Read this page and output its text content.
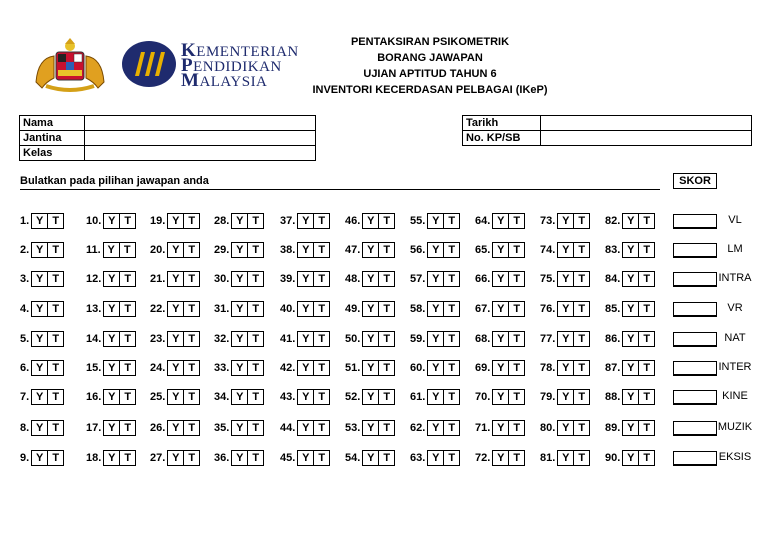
KEMENTERIAN
PENDIDIKAN
MALAYSIA
PENTAKSIRAN PSIKOMETRIK
BORANG JAWAPAN
UJIAN APTITUD TAHUN 6
INVENTORI KECERDASAN PELBAGAI (IKeP)
Nama	
Jantina	
Kelas	
Tarikh	
No. KP/SB	
Bulatkan pada pilihan jawapan anda	SKOR
1. Y T	10. Y T	19. Y T	28. Y T	37. Y T	46. Y T	55. Y T	64. Y T	73. Y T	82. Y T	VL
2. Y T	11. Y T	20. Y T	29. Y T	38. Y T	47. Y T	56. Y T	65. Y T	74. Y T	83. Y T	LM
3. Y T	12. Y T	21. Y T	30. Y T	39. Y T	48. Y T	57. Y T	66. Y T	75. Y T	84. Y T	INTRA
4. Y T	13. Y T	22. Y T	31. Y T	40. Y T	49. Y T	58. Y T	67. Y T	76. Y T	85. Y T	VR
5. Y T	14. Y T	23. Y T	32. Y T	41. Y T	50. Y T	59. Y T	68. Y T	77. Y T	86. Y T	NAT
6. Y T	15. Y T	24. Y T	33. Y T	42. Y T	51. Y T	60. Y T	69. Y T	78. Y T	87. Y T	INTER
7. Y T	16. Y T	25. Y T	34. Y T	43. Y T	52. Y T	61. Y T	70. Y T	79. Y T	88. Y T	KINE
8. Y T	17. Y T	26. Y T	35. Y T	44. Y T	53. Y T	62. Y T	71. Y T	80. Y T	89. Y T	MUZIK
9. Y T	18. Y T	27. Y T	36. Y T	45. Y T	54. Y T	63. Y T	72. Y T	81. Y T	90. Y T	EKSIS
